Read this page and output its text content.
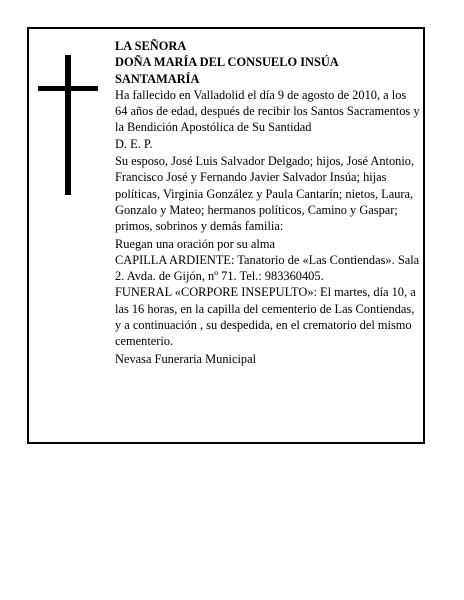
LA SEÑORA

DOÑA MARÍA DEL CONSUELO INSÚA

SANTAMARÍA

Ha fallecido en Valladolid el día 9 de agosto de 2010, a los 64 años de edad, después de recibir los Santos Sacramentos y la Bendición Apostólica de Su Santidad

D. E. P.

Su esposo, José Luis Salvador Delgado; hijos, José Antonio, Francisco José y Fernando Javier Salvador Insúa; hijas políticas, Virginia González y Paula Cantarín; nietos, Laura, Gonzalo y Mateo; hermanos políticos, Camino y Gaspar; primos, sobrinos y demás familia:

Ruegan una oración por su alma

CAPILLA ARDIENTE: Tanatorio de «Las Contiendas». Sala 2. Avda. de Gijón, nº 71. Tel.: 983360405.

FUNERAL «CORPORE INSEPULTO»: El martes, día 10, a las 16 horas, en la capilla del cementerio de Las Contiendas, y a continuación , su despedida, en el crematorio del mismo cementerio.

Nevasa Funeraria Municipal
